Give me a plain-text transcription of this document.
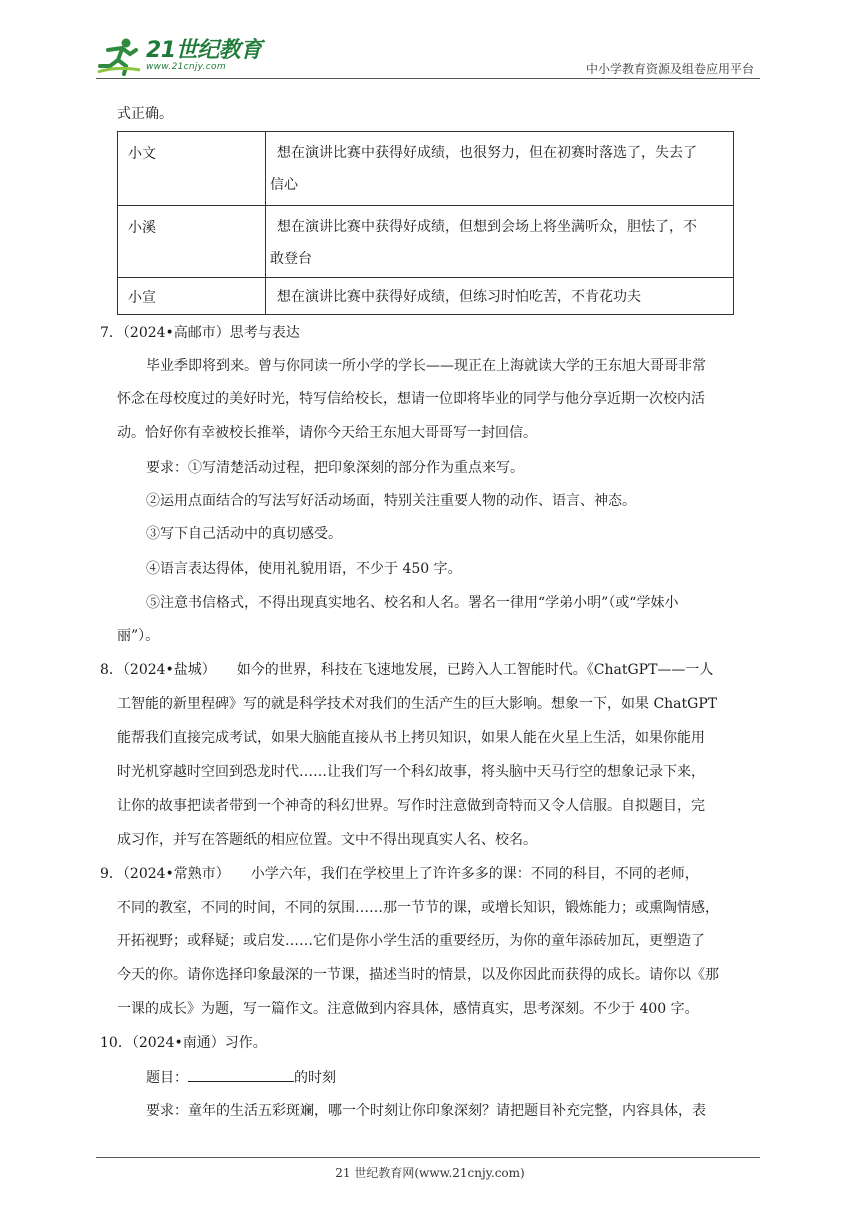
21世纪教育
www.21cnjy.com	中小学教育资源及组卷应用平台
式正确。
小文	想在演讲比赛中获得好成绩，也很努力，但在初赛时落选了，失去了
信心

小溪	想在演讲比赛中获得好成绩，但想到会场上将坐满听众，胆怯了，不
敢登台

小宣	想在演讲比赛中获得好成绩，但练习时怕吃苦，不肯花功夫
7．（2024•高邮市）思考与表达
毕业季即将到来。曾与你同读一所小学的学长——现正在上海就读大学的王东旭大哥哥非常
怀念在母校度过的美好时光，特写信给校长，想请一位即将毕业的同学与他分享近期一次校内活
动。恰好你有幸被校长推举，请你今天给王东旭大哥哥写一封回信。
要求：①写清楚活动过程，把印象深刻的部分作为重点来写。
②运用点面结合的写法写好活动场面，特别关注重要人物的动作、语言、神态。
③写下自己活动中的真切感受。
④语言表达得体，使用礼貌用语，不少于 450 字。
⑤注意书信格式，不得出现真实地名、校名和人名。署名一律用“学弟小明”（或“学妹小
丽”）。
8．（2024•盐城）　　如今的世界，科技在飞速地发展，已跨入人工智能时代。《ChatGPT——一人
工智能的新里程碑》写的就是科学技术对我们的生活产生的巨大影响。想象一下，如果 ChatGPT
能帮我们直接完成考试，如果大脑能直接从书上拷贝知识，如果人能在火星上生活，如果你能用
时光机穿越时空回到恐龙时代……让我们写一个科幻故事，将头脑中天马行空的想象记录下来，
让你的故事把读者带到一个神奇的科幻世界。写作时注意做到奇特而又令人信服。自拟题目，完
成习作，并写在答题纸的相应位置。文中不得出现真实人名、校名。
9．（2024•常熟市）　　小学六年，我们在学校里上了许许多多的课：不同的科目，不同的老师，
不同的教室，不同的时间，不同的氛围……那一节节的课，或增长知识，锻炼能力；或熏陶情感，
开拓视野；或释疑；或启发……它们是你小学生活的重要经历，为你的童年添砖加瓦，更塑造了
今天的你。请你选择印象最深的一节课，描述当时的情景，以及你因此而获得的成长。请你以《那
一课的成长》为题，写一篇作文。注意做到内容具体，感情真实，思考深刻。不少于 400 字。
10．（2024•南通）习作。
题目：	的时刻
要求：童年的生活五彩斑斓，哪一个时刻让你印象深刻？请把题目补充完整，内容具体，表
21 世纪教育网(www.21cnjy.com)
